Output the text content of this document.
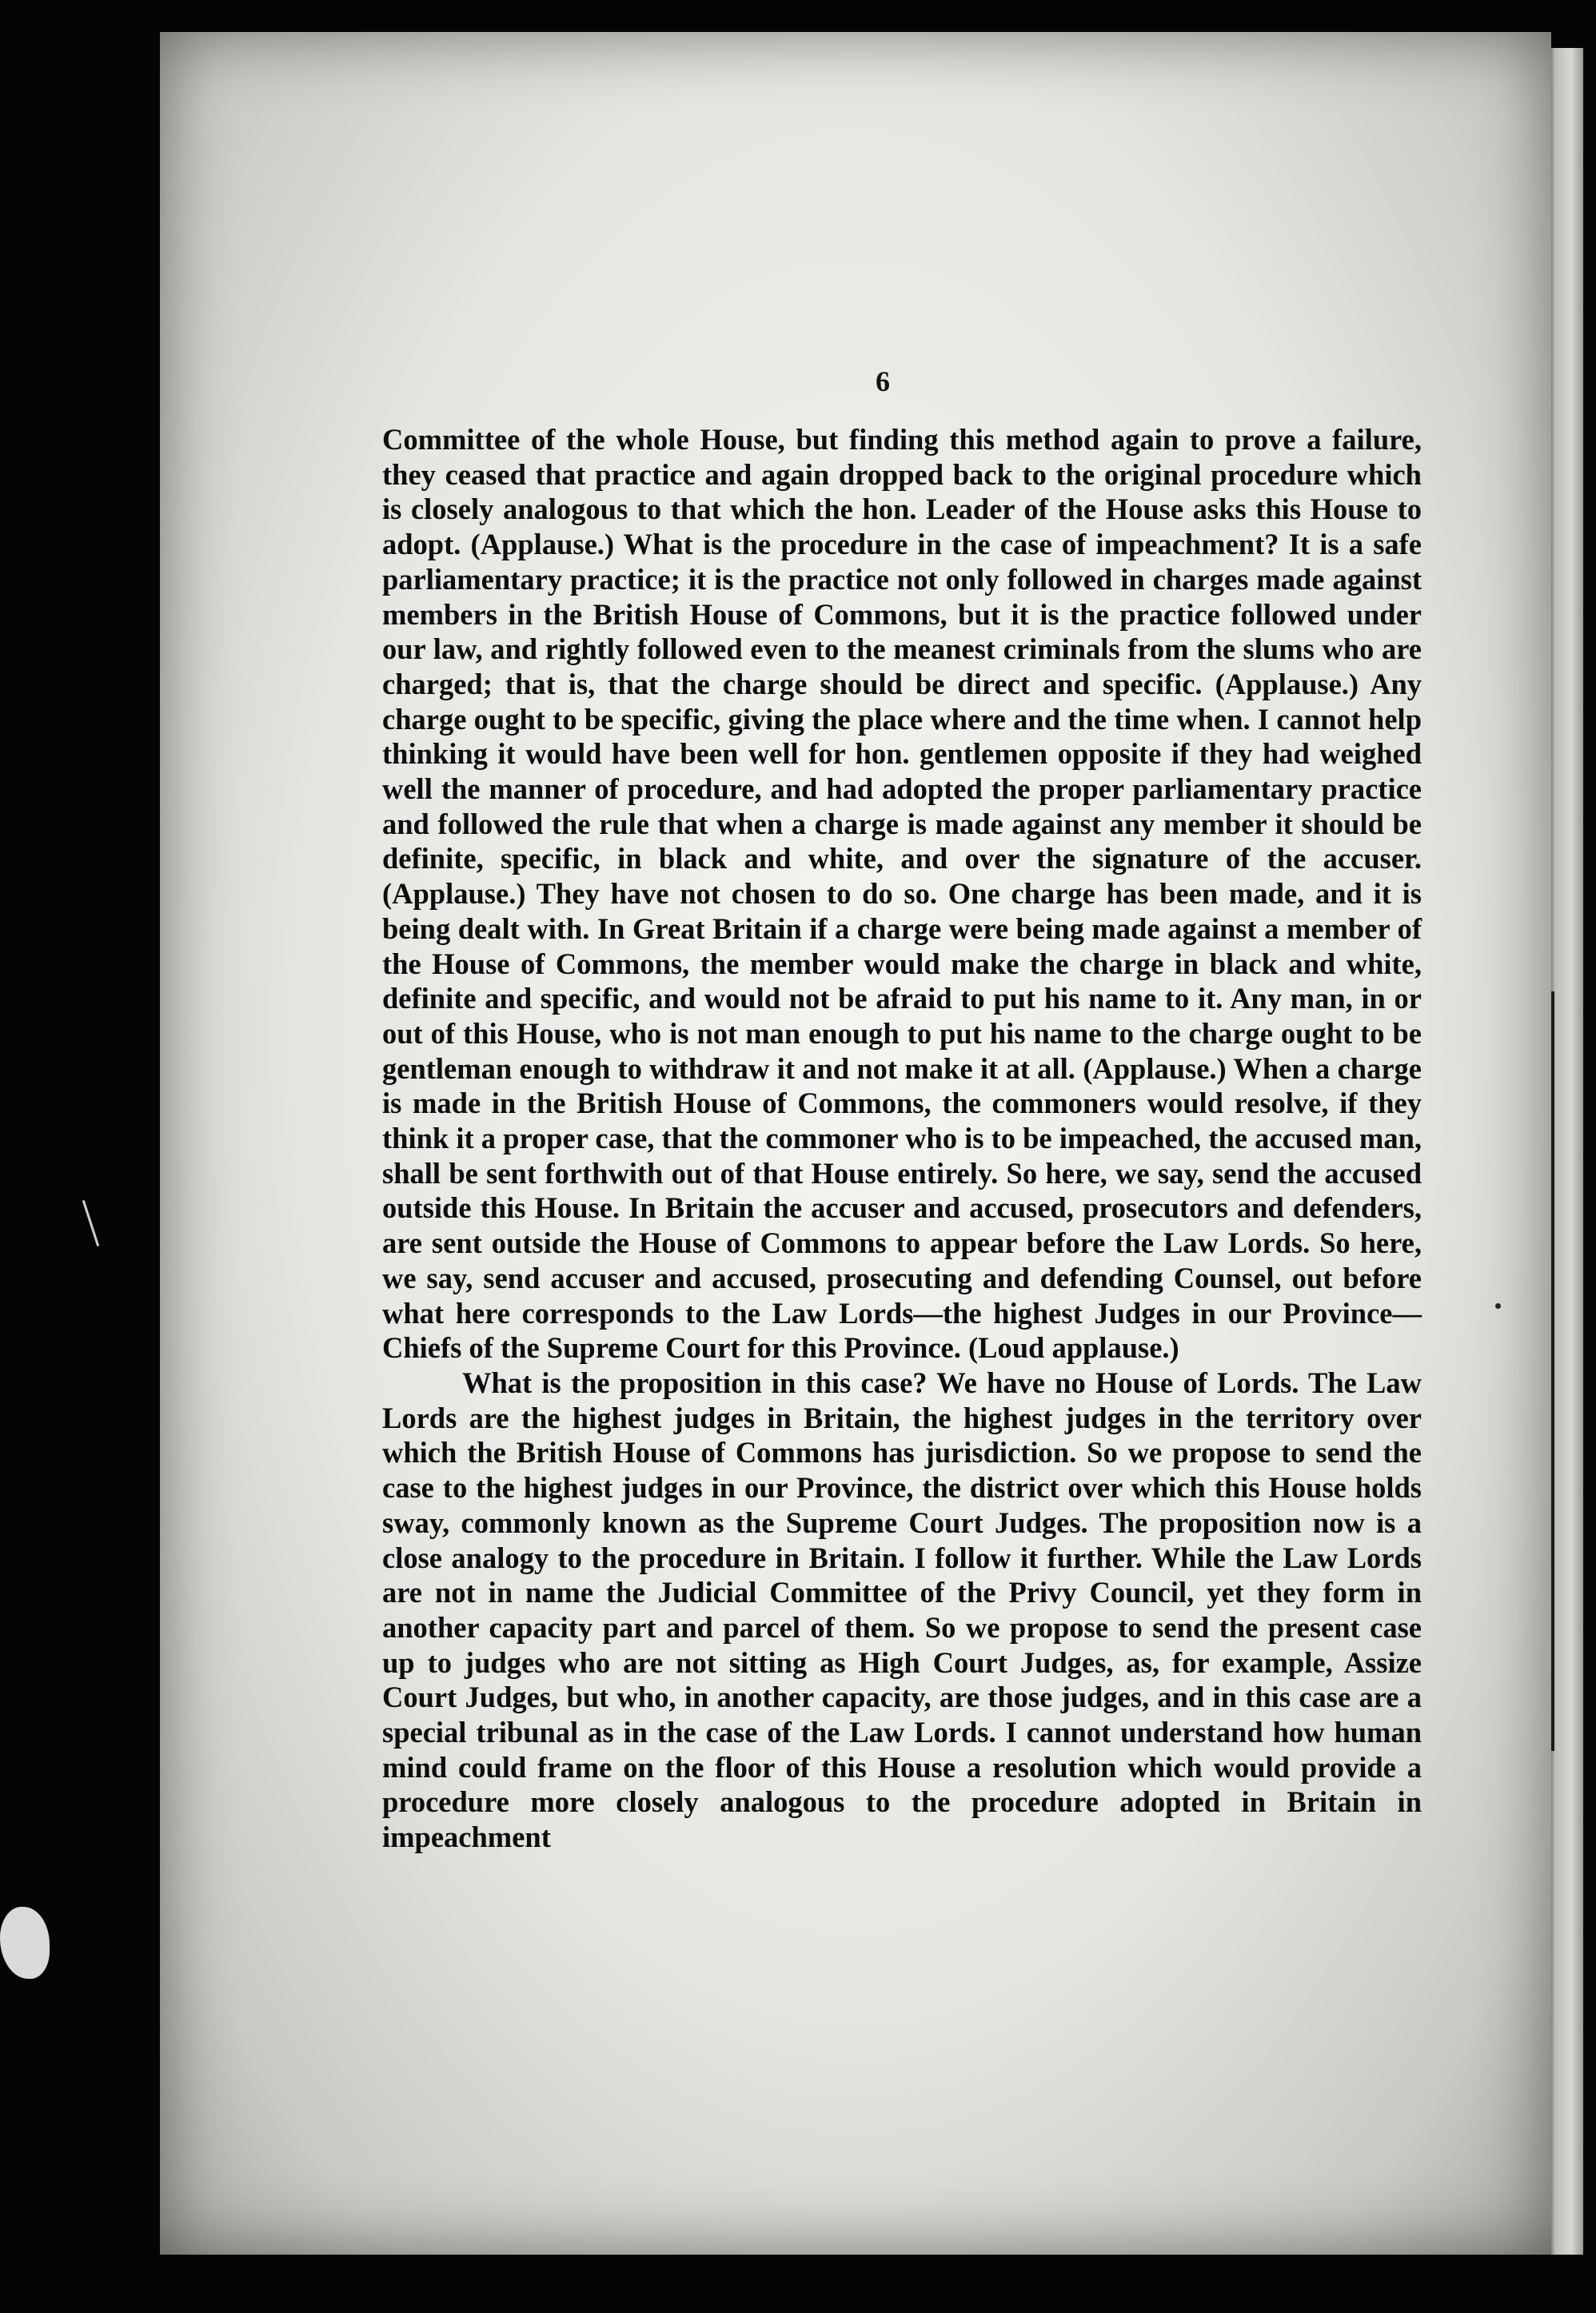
6

Committee of the whole House, but finding this method again to prove a failure, they ceased that practice and again dropped back to the original procedure which is closely analogous to that which the hon. Leader of the House asks this House to adopt. (Applause.) What is the procedure in the case of impeachment? It is a safe parliamentary practice; it is the practice not only followed in charges made against members in the British House of Commons, but it is the practice followed under our law, and rightly followed even to the meanest criminals from the slums who are charged; that is, that the charge should be direct and specific. (Applause.) Any charge ought to be specific, giving the place where and the time when. I cannot help thinking it would have been well for hon. gentlemen opposite if they had weighed well the manner of procedure, and had adopted the proper parliamentary practice and followed the rule that when a charge is made against any member it should be definite, specific, in black and white, and over the signature of the accuser. (Applause.) They have not chosen to do so. One charge has been made, and it is being dealt with. In Great Britain if a charge were being made against a member of the House of Commons, the member would make the charge in black and white, definite and specific, and would not be afraid to put his name to it. Any man, in or out of this House, who is not man enough to put his name to the charge ought to be gentleman enough to withdraw it and not make it at all. (Applause.) When a charge is made in the British House of Commons, the commoners would resolve, if they think it a proper case, that the commoner who is to be impeached, the accused man, shall be sent forthwith out of that House entirely. So here, we say, send the accused outside this House. In Britain the accuser and accused, prosecutors and defenders, are sent outside the House of Commons to appear before the Law Lords. So here, we say, send accuser and accused, prosecuting and defending Counsel, out before what here corresponds to the Law Lords—the highest Judges in our Province—Chiefs of the Supreme Court for this Province. (Loud applause.)

What is the proposition in this case? We have no House of Lords. The Law Lords are the highest judges in Britain, the highest judges in the territory over which the British House of Commons has jurisdiction. So we propose to send the case to the highest judges in our Province, the district over which this House holds sway, commonly known as the Supreme Court Judges. The proposition now is a close analogy to the procedure in Britain. I follow it further. While the Law Lords are not in name the Judicial Committee of the Privy Council, yet they form in another capacity part and parcel of them. So we propose to send the present case up to judges who are not sitting as High Court Judges, as, for example, Assize Court Judges, but who, in another capacity, are those judges, and in this case are a special tribunal as in the case of the Law Lords. I cannot understand how human mind could frame on the floor of this House a resolution which would provide a procedure more closely analogous to the procedure adopted in Britain in impeachment
